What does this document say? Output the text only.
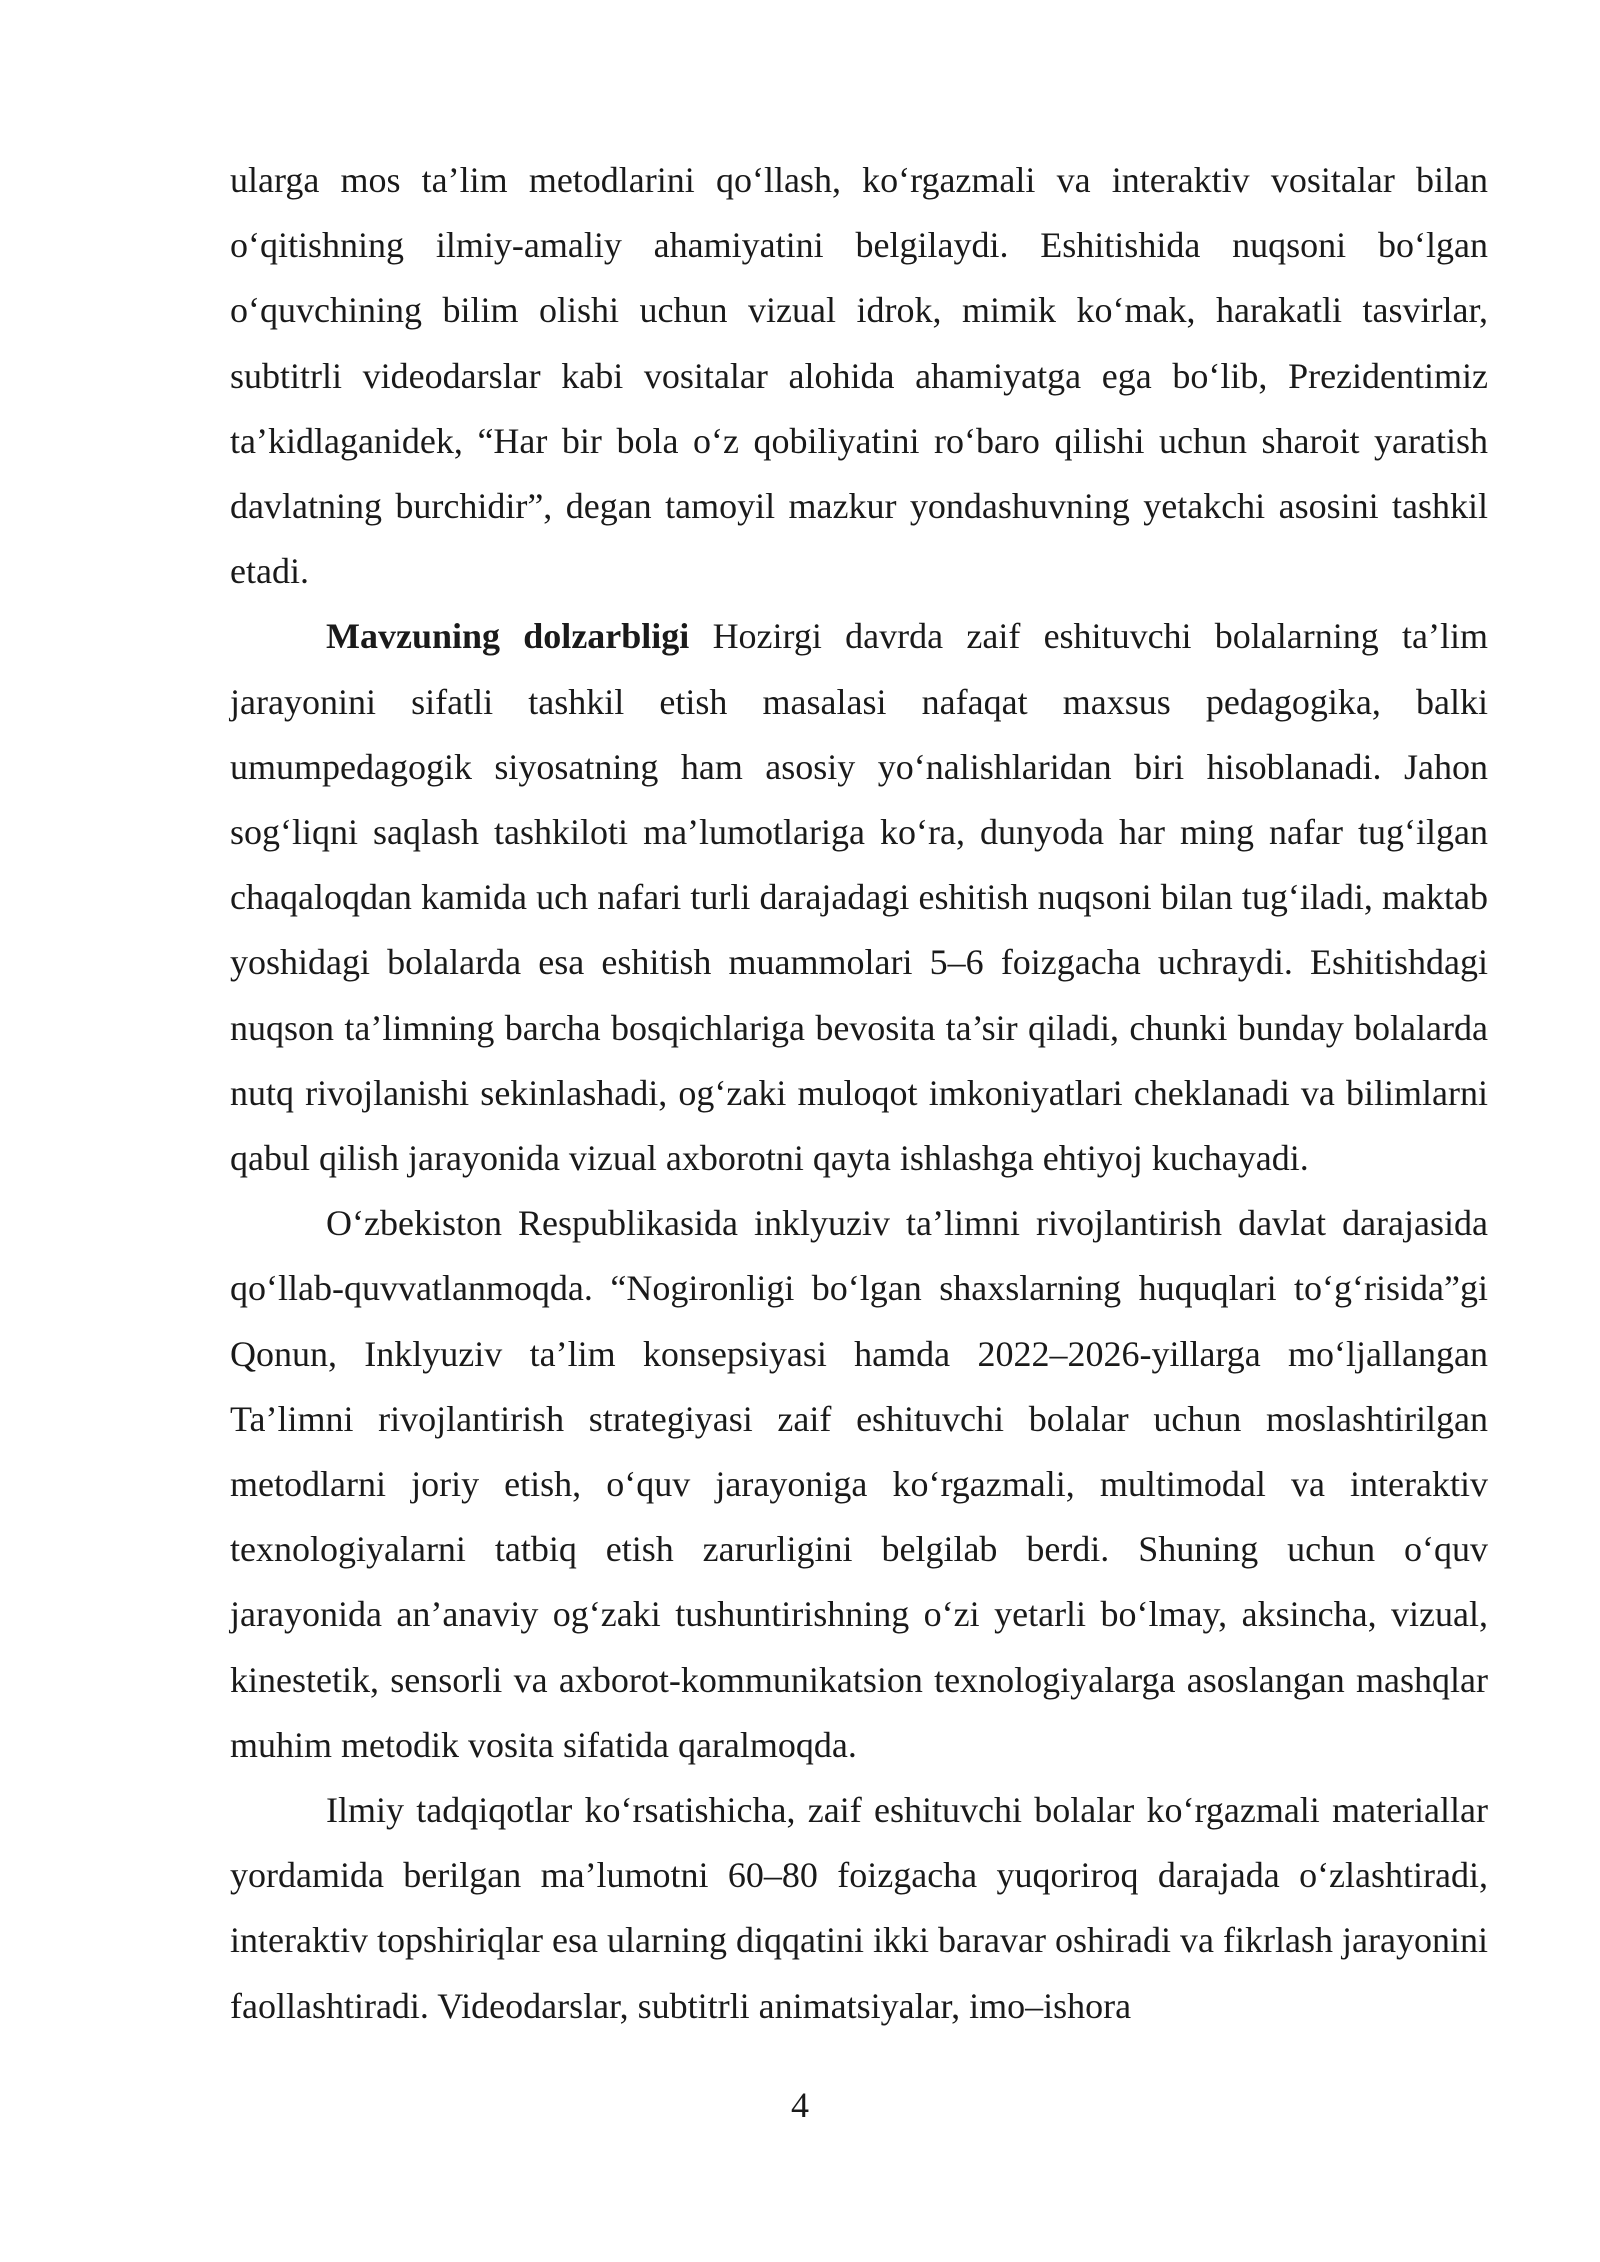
ularga mos ta’lim metodlarini qo‘llash, ko‘rgazmali va interaktiv vositalar bilan o‘qitishning ilmiy-amaliy ahamiyatini belgilaydi. Eshitishida nuqsoni bo‘lgan o‘quvchining bilim olishi uchun vizual idrok, mimik ko‘mak, harakatli tasvirlar, subtitrli videodarslar kabi vositalar alohida ahamiyatga ega bo‘lib, Prezidentimiz ta’kidlaganidek, “Har bir bola o‘z qobiliyatini ro‘baro qilishi uchun sharoit yaratish davlatning burchidir”, degan tamoyil mazkur yondashuvning yetakchi asosini tashkil etadi.

Mavzuning dolzarbligi Hozirgi davrda zaif eshituvchi bolalarning ta’lim jarayonini sifatli tashkil etish masalasi nafaqat maxsus pedagogika, balki umumpedagogik siyosatning ham asosiy yo‘nalishlaridan biri hisoblanadi. Jahon sog‘liqni saqlash tashkiloti ma’lumotlariga ko‘ra, dunyoda har ming nafar tug‘ilgan chaqaloqdan kamida uch nafari turli darajadagi eshitish nuqsoni bilan tug‘iladi, maktab yoshidagi bolalarda esa eshitish muammolari 5–6 foizgacha uchraydi. Eshitishdagi nuqson ta’limning barcha bosqichlariga bevosita ta’sir qiladi, chunki bunday bolalarda nutq rivojlanishi sekinlashadi, og‘zaki muloqot imkoniyatlari cheklanadi va bilimlarni qabul qilish jarayonida vizual axborotni qayta ishlashga ehtiyoj kuchayadi.

O‘zbekiston Respublikasida inklyuziv ta’limni rivojlantirish davlat darajasida qo‘llab-quvvatlanmoqda. “Nogironligi bo‘lgan shaxslarning huquqlari to‘g‘risida”gi Qonun, Inklyuziv ta’lim konsepsiyasi hamda 2022–2026-yillarga mo‘ljallangan Ta’limni rivojlantirish strategiyasi zaif eshituvchi bolalar uchun moslashtirilgan metodlarni joriy etish, o‘quv jarayoniga ko‘rgazmali, multimodal va interaktiv texnologiyalarni tatbiq etish zarurligini belgilab berdi. Shuning uchun o‘quv jarayonida an’anaviy og‘zaki tushuntirishning o‘zi yetarli bo‘lmay, aksincha, vizual, kinestetik, sensorli va axborot-kommunikatsion texnologiyalarga asoslangan mashqlar muhim metodik vosita sifatida qaralmoqda.

Ilmiy tadqiqotlar ko‘rsatishicha, zaif eshituvchi bolalar ko‘rgazmali materiallar yordamida berilgan ma’lumotni 60–80 foizgacha yuqoriroq darajada o‘zlashtiradi, interaktiv topshiriqlar esa ularning diqqatini ikki baravar oshiradi va fikrlash jarayonini faollashtiradi. Videodarslar, subtitrli animatsiyalar, imo–ishora

4
